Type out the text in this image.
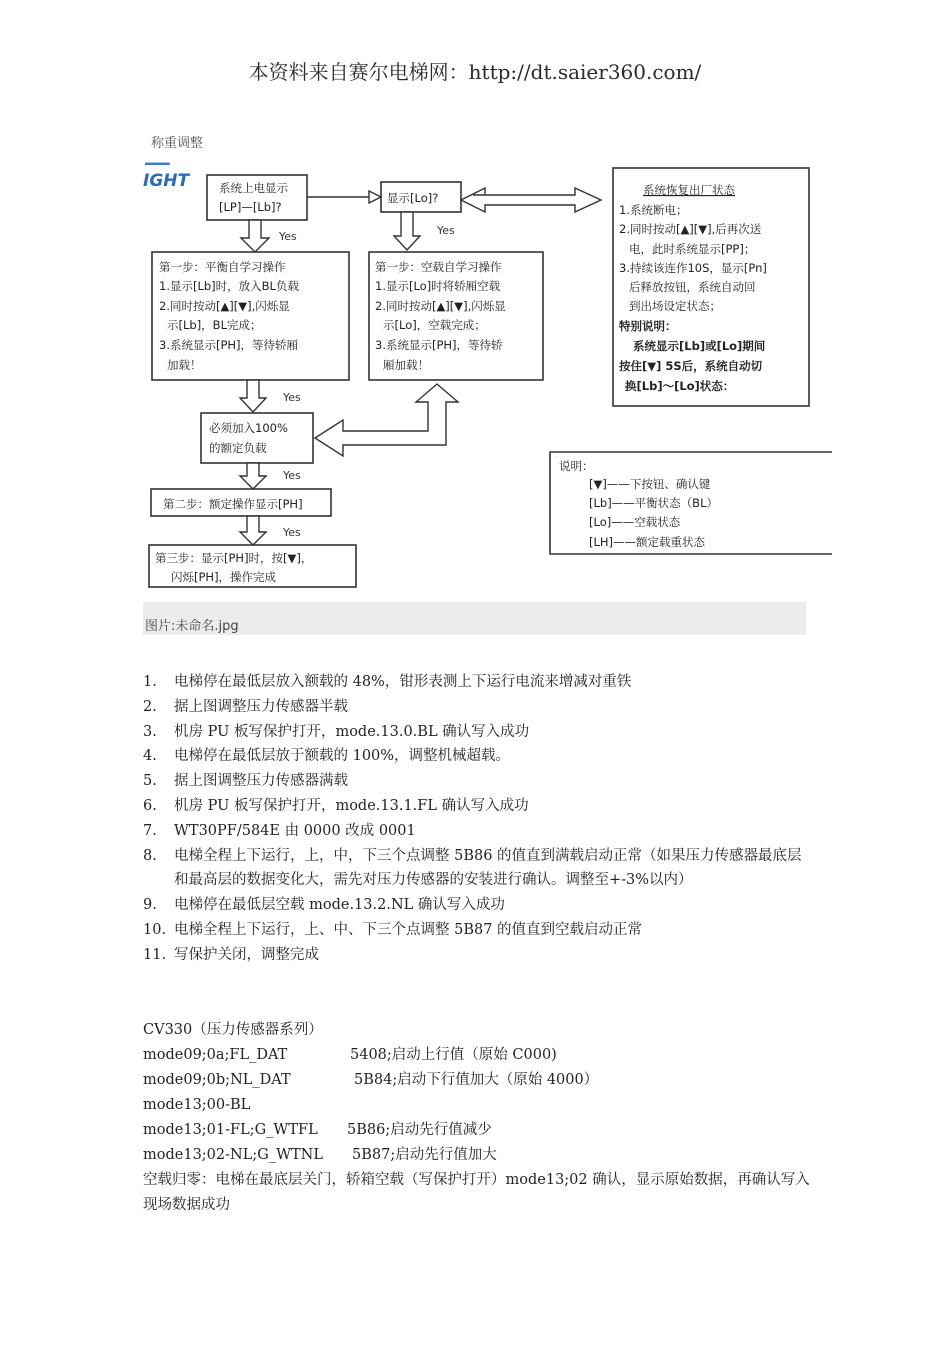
本资料来自赛尔电梯网：http://dt.saier360.com/
称重调整
▂▂▂▂
IGHT
Yes	Yes
Yes
Yes
Yes
系统上电显示
[LP]—[Lb]?
显示[Lo]?
第一步：平衡自学习操作
1.显示[Lb]时，放入BL负载
2.同时按动[▲][▼],闪烁显
示[Lb]，BL完成；
3.系统显示[PH]，等待轿厢
加载！
第一步：空载自学习操作
1.显示[Lo]时将轿厢空载
2.同时按动[▲][▼],闪烁显
示[Lo]，空载完成；
3.系统显示[PH]，等待轿
厢加载！
系统恢复出厂状态
1.系统断电；
2.同时按动[▲][▼],后再次送
电，此时系统显示[PP]；
3.持续该连作10S，显示[Pn]
后释放按钮，系统自动回
到出场设定状态；
特别说明：
系统显示[Lb]或[Lo]期间
按住[▼] 5S后，系统自动切
换[Lb]～[Lo]状态：
必须加入100%
的额定负载
第二步：额定操作显示[PH]
第三步：显示[PH]时，按[▼]，
闪烁[PH]，操作完成
说明：
[▼]——下按钮、确认键
[Lb]——平衡状态（BL）
[Lo]——空载状态
[LH]——额定载重状态
图片:未命名.jpg
1. 电梯停在最低层放入额载的 48%，钳形表测上下运行电流来增减对重铁
2. 据上图调整压力传感器半载
3. 机房 PU 板写保护打开，mode.13.0.BL 确认写入成功
4. 电梯停在最低层放于额载的 100%，调整机械超载。
5. 据上图调整压力传感器满载
6. 机房 PU 板写保护打开，mode.13.1.FL 确认写入成功
7. WT30PF/584E 由 0000 改成 0001
8. 电梯全程上下运行，上，中，下三个点调整 5B86 的值直到满载启动正常（如果压力传感器最底层和最高层的数据变化大，需先对压力传感器的安装进行确认。调整至+-3%以内）
9. 电梯停在最低层空载 mode.13.2.NL 确认写入成功
10. 电梯全程上下运行，上、中、下三个点调整 5B87 的值直到空载启动正常
11. 写保护关闭，调整完成
CV330（压力传感器系列）
mode09;0a;FL_DAT	5408;启动上行值（原始 C000)
mode09;0b;NL_DAT	5B84;启动下行值加大（原始 4000）
mode13;00-BL
mode13;01-FL;G_WTFL 5B86;启动先行值减少
mode13;02-NL;G_WTNL 5B87;启动先行值加大
空载归零：电梯在最底层关门，轿箱空载（写保护打开）mode13;02 确认，显示原始数据，再确认写入现场数据成功
